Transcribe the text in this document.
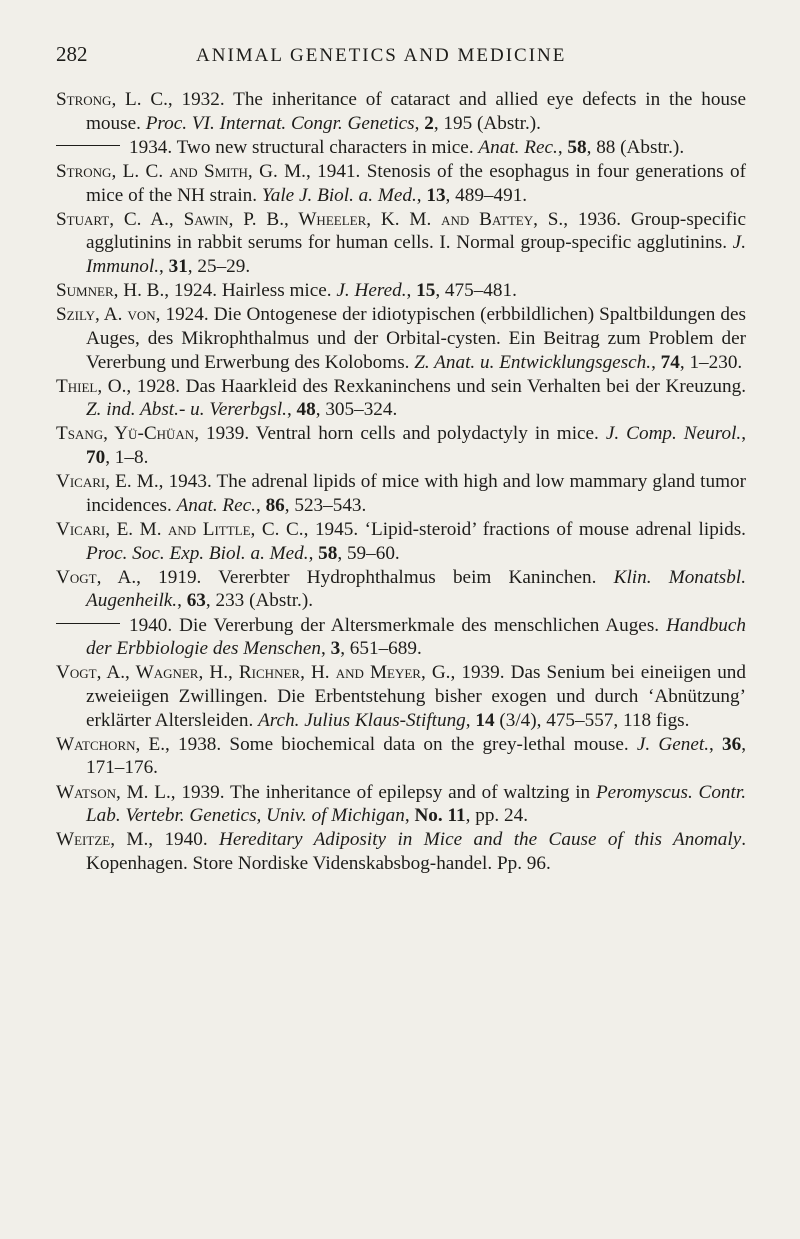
282	ANIMAL GENETICS AND MEDICINE

Strong, L. C., 1932. The inheritance of cataract and allied eye defects in the house mouse. Proc. VI. Internat. Congr. Genetics, 2, 195 (Abstr.).

1934. Two new structural characters in mice. Anat. Rec., 58, 88 (Abstr.).

Strong, L. C. and Smith, G. M., 1941. Stenosis of the esophagus in four generations of mice of the NH strain. Yale J. Biol. a. Med., 13, 489–491.

Stuart, C. A., Sawin, P. B., Wheeler, K. M. and Battey, S., 1936. Group-specific agglutinins in rabbit serums for human cells. I. Normal group-specific agglutinins. J. Immunol., 31, 25–29.

Sumner, H. B., 1924. Hairless mice. J. Hered., 15, 475–481.

Szily, A. von, 1924. Die Ontogenese der idiotypischen (erbbildlichen) Spaltbildungen des Auges, des Mikrophthalmus und der Orbital-cysten. Ein Beitrag zum Problem der Vererbung und Erwerbung des Koloboms. Z. Anat. u. Entwicklungsgesch., 74, 1–230.

Thiel, O., 1928. Das Haarkleid des Rexkaninchens und sein Verhalten bei der Kreuzung. Z. ind. Abst.- u. Vererbgsl., 48, 305–324.

Tsang, Yü-Chüan, 1939. Ventral horn cells and polydactyly in mice. J. Comp. Neurol., 70, 1–8.

Vicari, E. M., 1943. The adrenal lipids of mice with high and low mammary gland tumor incidences. Anat. Rec., 86, 523–543.

Vicari, E. M. and Little, C. C., 1945. ‘Lipid-steroid’ fractions of mouse adrenal lipids. Proc. Soc. Exp. Biol. a. Med., 58, 59–60.

Vogt, A., 1919. Vererbter Hydrophthalmus beim Kaninchen. Klin. Monatsbl. Augenheilk., 63, 233 (Abstr.).

1940. Die Vererbung der Altersmerkmale des menschlichen Auges. Handbuch der Erbbiologie des Menschen, 3, 651–689.

Vogt, A., Wagner, H., Richner, H. and Meyer, G., 1939. Das Senium bei eineiigen und zweieiigen Zwillingen. Die Erbentstehung bisher exogen und durch ‘Abnützung’ erklärter Altersleiden. Arch. Julius Klaus-Stiftung, 14 (3/4), 475–557, 118 figs.

Watchorn, E., 1938. Some biochemical data on the grey-lethal mouse. J. Genet., 36, 171–176.

Watson, M. L., 1939. The inheritance of epilepsy and of waltzing in Peromyscus. Contr. Lab. Vertebr. Genetics, Univ. of Michigan, No. 11, pp. 24.

Weitze, M., 1940. Hereditary Adiposity in Mice and the Cause of this Anomaly. Kopenhagen. Store Nordiske Videnskabsbog-handel. Pp. 96.
